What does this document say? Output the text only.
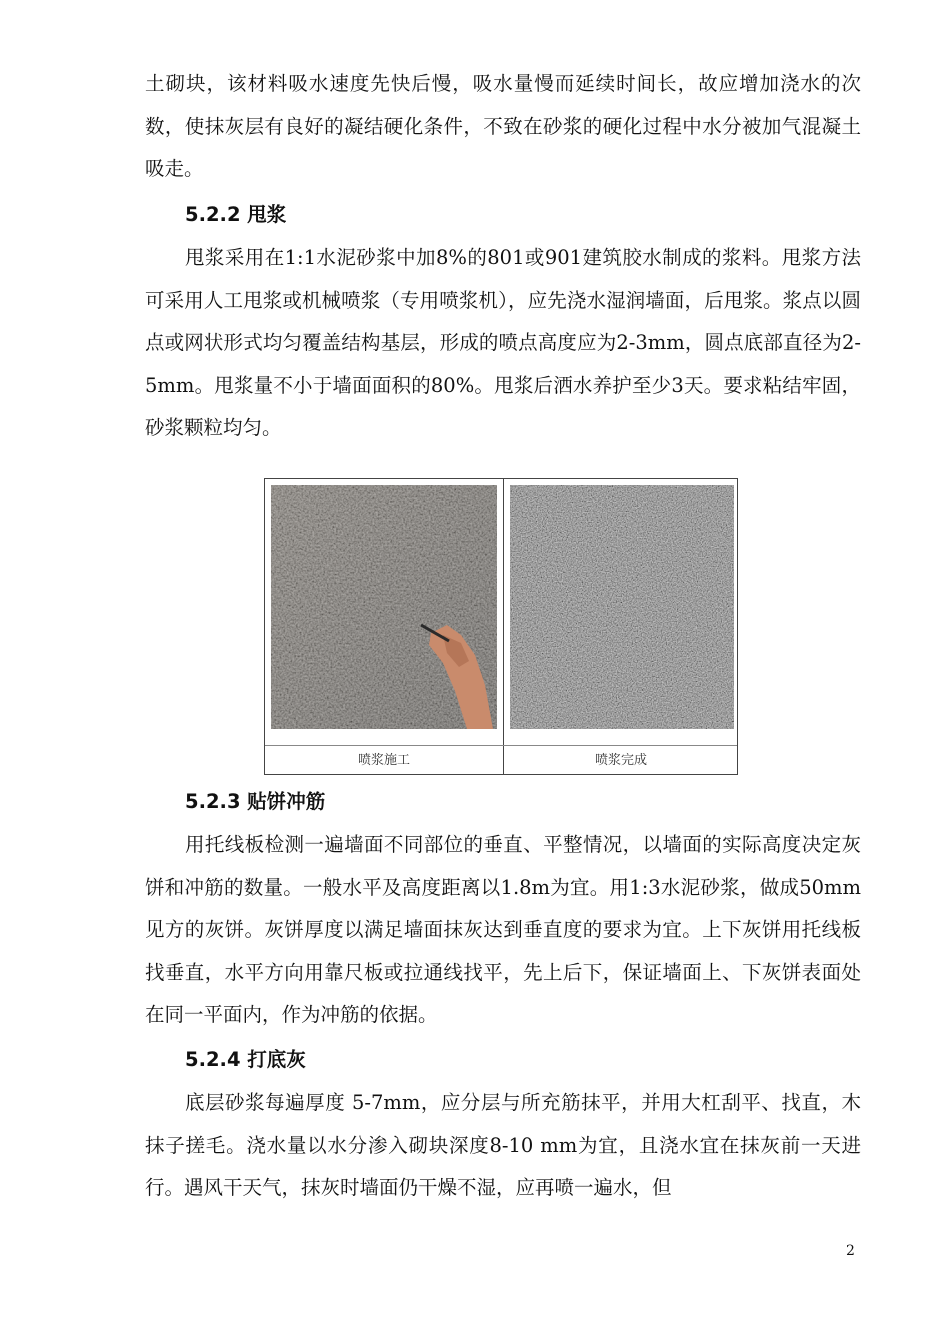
土砌块，该材料吸水速度先快后慢，吸水量慢而延续时间长，故应增加浇水的次数，使抹灰层有良好的凝结硬化条件，不致在砂浆的硬化过程中水分被加气混凝土吸走。
5.2.2 甩浆
甩浆采用在1:1水泥砂浆中加8%的801或901建筑胶水制成的浆料。甩浆方法可采用人工甩浆或机械喷浆（专用喷浆机），应先浇水湿润墙面，后甩浆。浆点以圆点或网状形式均匀覆盖结构基层，形成的喷点高度应为2-3mm，圆点底部直径为2-5mm。甩浆量不小于墙面面积的80%。甩浆后洒水养护至少3天。要求粘结牢固，砂浆颗粒均匀。
喷浆施工	喷浆完成
5.2.3 贴饼冲筋
用托线板检测一遍墙面不同部位的垂直、平整情况，以墙面的实际高度决定灰饼和冲筋的数量。一般水平及高度距离以1.8m为宜。用1:3水泥砂浆，做成50mm见方的灰饼。灰饼厚度以满足墙面抹灰达到垂直度的要求为宜。上下灰饼用托线板找垂直，水平方向用靠尺板或拉通线找平，先上后下，保证墙面上、下灰饼表面处在同一平面内，作为冲筋的依据。
5.2.4 打底灰
底层砂浆每遍厚度 5-7mm，应分层与所充筋抹平，并用大杠刮平、找直，木抹子搓毛。浇水量以水分渗入砌块深度8-10 mm为宜，且浇水宜在抹灰前一天进行。遇风干天气，抹灰时墙面仍干燥不湿，应再喷一遍水，但
2
